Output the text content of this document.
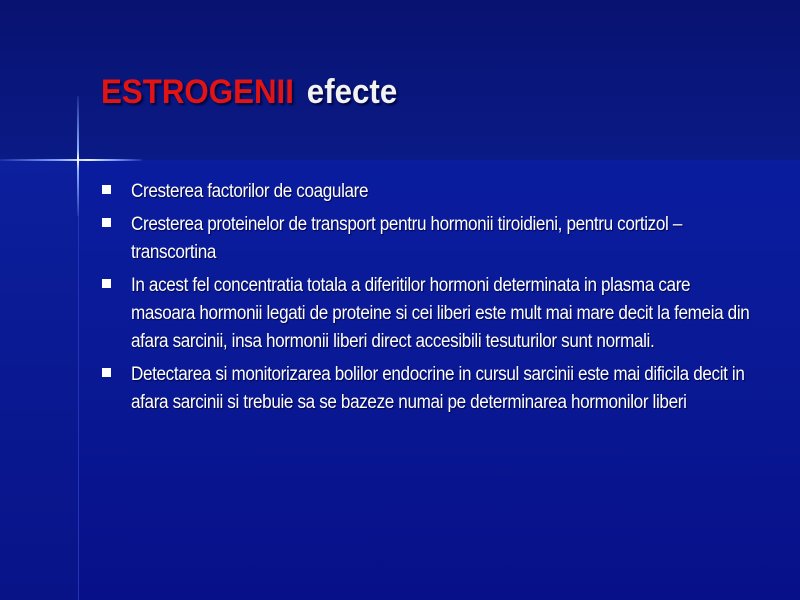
ESTROGENII efecte
Cresterea factorilor de coagulare
Cresterea proteinelor de transport pentru hormonii tiroidieni, pentru cortizol – transcortina
In acest fel concentratia totala a diferitilor hormoni determinata in plasma care masoara hormonii legati de proteine si cei liberi este mult mai mare decit la femeia din afara sarcinii, insa hormonii liberi direct accesibili tesuturilor sunt normali.
Detectarea si monitorizarea bolilor endocrine in cursul sarcinii este mai dificila decit in afara sarcinii si trebuie sa se bazeze numai pe determinarea hormonilor liberi
